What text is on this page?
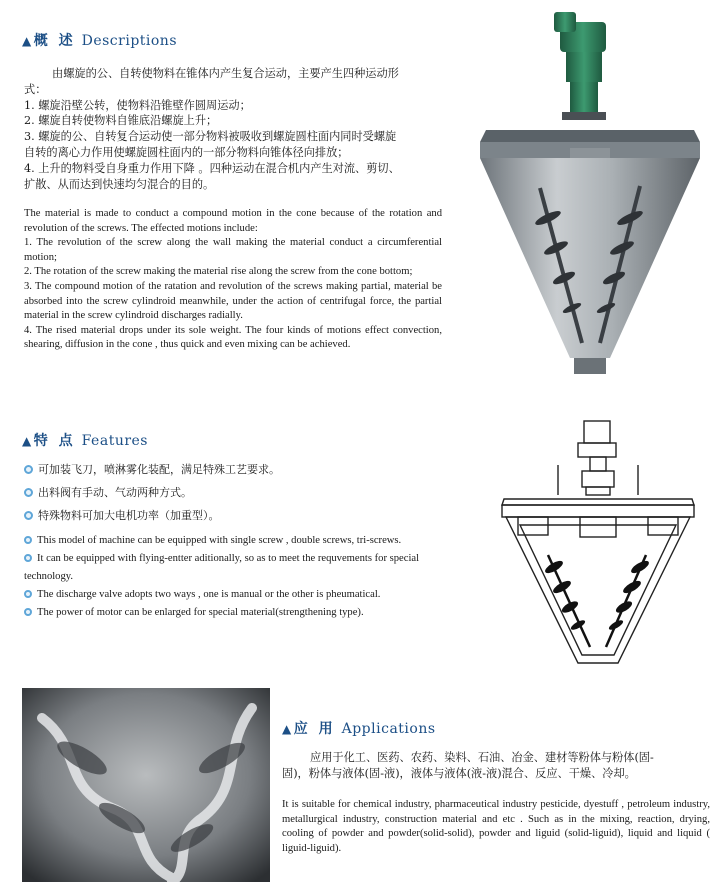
▲ 概 述 Descriptions
由螺旋的公、自转使物料在锥体内产生复合运动，主要产生四种运动形
式：
1. 螺旋沿壁公转，使物料沿锥壁作圆周运动；
2. 螺旋自转使物料自锥底沿螺旋上升；
3. 螺旋的公、自转复合运动使一部分物料被吸收到螺旋圆柱面内同时受螺旋
自转的离心力作用使螺旋圆柱面内的一部分物料向锥体径向排放；
4. 上升的物料受自身重力作用下降 。四种运动在混合机内产生对流、剪切、
扩散、从而达到快速均匀混合的目的。
The material is made to conduct a compound motion in the cone because of the rotation and revolution of the screws. The effected motions include:
1. The revolution of the screw along the wall making the material conduct a circumferential motion;
2. The rotation of the screw making the material rise along the screw from the cone bottom;
3. The compound motion of the ratation and revolution of the screws making partial, material be absorbed into the screw cylindroid meanwhile, under the action of centrifugal force, the partial material in the screw cylindroid discharges radially.
4. The rised material drops under its sole weight. The four kinds of motions effect convection, shearing, diffusion in the cone , thus quick and even mixing can be achieved.
▲ 特 点 Features
可加装飞刀，喷淋雾化装配，满足特殊工艺要求。
出料阀有手动、气动两种方式。
特殊物料可加大电机功率（加重型）。
This model of machine can be equipped with single screw , double screws, tri-screws.
It can be equipped with flying-entter aditionally, so as to meet the requvements for special technology.
The discharge valve adopts two ways , one is manual or the other is pheumatical.
The power of motor can be enlarged for special material(strengthening type).
▲ 应 用 Applications
应用于化工、医药、农药、染料、石油、冶金、建材等粉体与粉体(固-
固)，粉体与液体(固-液)，液体与液体(液-液)混合、反应、干燥、冷却。
It is suitable for chemical industry, pharmaceutical industry pesticide, dyestuff , petroleum industry, metallurgical industry, construction material and etc . Such as in the mixing, reaction, drying, cooling of powder and powder(solid-solid), powder and liguid (solid-liguid), liquid and liquid ( liguid-liguid).
